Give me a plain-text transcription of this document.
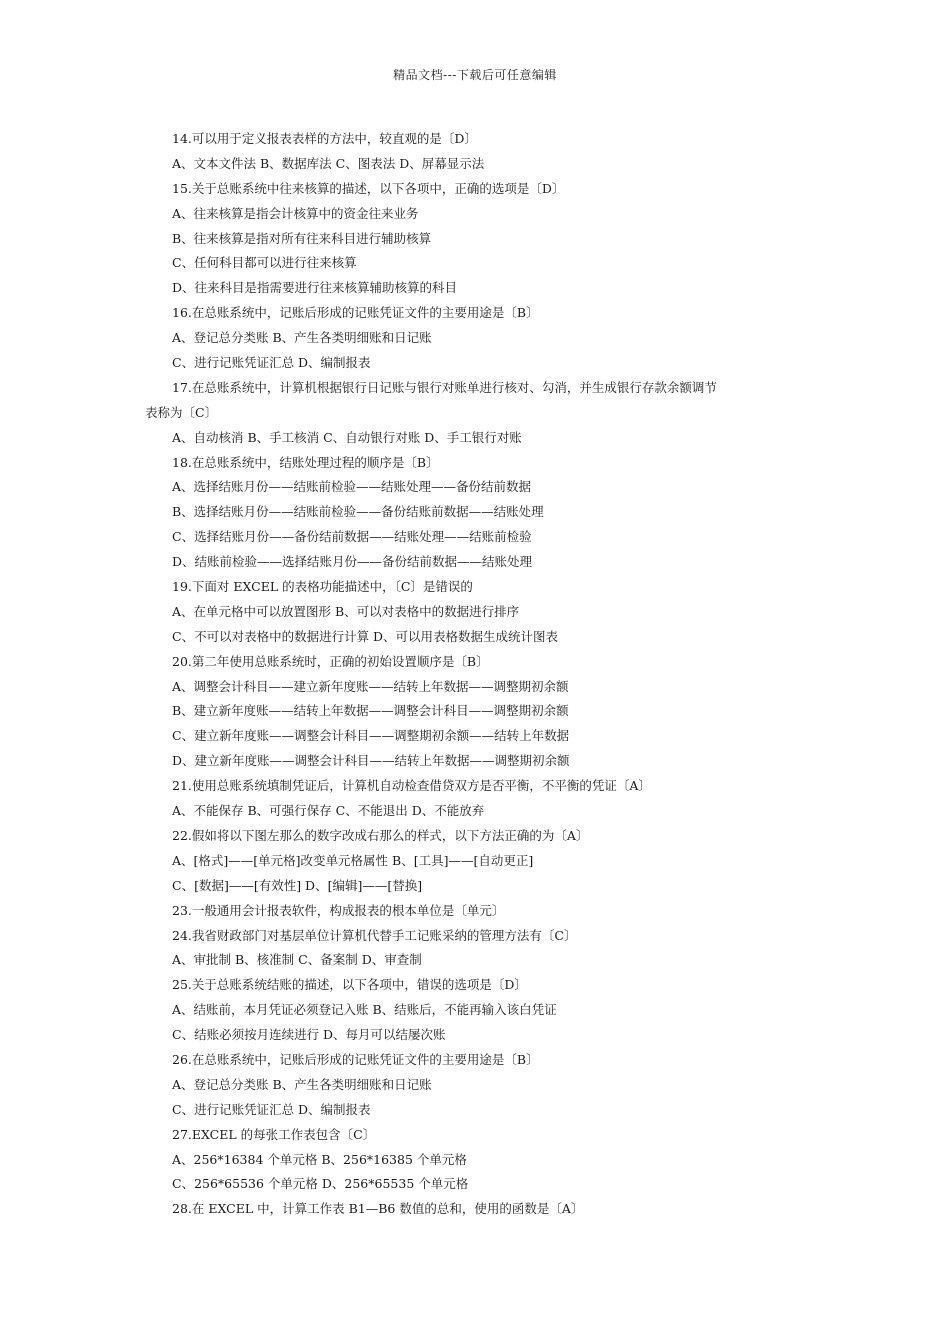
精品文档---下载后可任意编辑
14.可以用于定义报表表样的方法中，较直观的是〔D〕
A、文本文件法 B、数据库法 C、图表法 D、屏幕显示法
15.关于总账系统中往来核算的描述，以下各项中，正确的选项是〔D〕
A、往来核算是指会计核算中的资金往来业务
B、往来核算是指对所有往来科目进行辅助核算
C、任何科目都可以进行往来核算
D、往来科目是指需要进行往来核算辅助核算的科目
16.在总账系统中，记账后形成的记账凭证文件的主要用途是〔B〕
A、登记总分类账 B、产生各类明细账和日记账
C、进行记账凭证汇总 D、编制报表
17.在总账系统中，计算机根据银行日记账与银行对账单进行核对、勾消，并生成银行存款余额调节
表称为〔C〕
A、自动核消 B、手工核消 C、自动银行对账 D、手工银行对账
18.在总账系统中，结账处理过程的顺序是〔B〕
A、选择结账月份——结账前检验——结账处理——备份结前数据
B、选择结账月份——结账前检验——备份结账前数据——结账处理
C、选择结账月份——备份结前数据——结账处理——结账前检验
D、结账前检验——选择结账月份——备份结前数据——结账处理
19.下面对 EXCEL 的表格功能描述中，〔C〕是错误的
A、在单元格中可以放置图形 B、可以对表格中的数据进行排序
C、不可以对表格中的数据进行计算 D、可以用表格数据生成统计图表
20.第二年使用总账系统时，正确的初始设置顺序是〔B〕
A、调整会计科目——建立新年度账——结转上年数据——调整期初余额
B、建立新年度账——结转上年数据——调整会计科目——调整期初余额
C、建立新年度账——调整会计科目——调整期初余额——结转上年数据
D、建立新年度账——调整会计科目——结转上年数据——调整期初余额
21.使用总账系统填制凭证后，计算机自动检查借贷双方是否平衡，不平衡的凭证〔A〕
A、不能保存 B、可强行保存 C、不能退出 D、不能放弃
22.假如将以下图左那么的数字改成右那么的样式，以下方法正确的为〔A〕
A、[格式]——[单元格]改变单元格属性 B、[工具]——[自动更正]
C、[数据]——[有效性] D、[编辑]——[替换]
23.一般通用会计报表软件，构成报表的根本单位是〔单元〕
24.我省财政部门对基层单位计算机代替手工记账采纳的管理方法有〔C〕
A、审批制 B、核准制 C、备案制 D、审查制
25.关于总账系统结账的描述，以下各项中，错误的选项是〔D〕
A、结账前，本月凭证必须登记入账 B、结账后，不能再输入该白凭证
C、结账必须按月连续进行 D、每月可以结屡次账
26.在总账系统中，记账后形成的记账凭证文件的主要用途是〔B〕
A、登记总分类账 B、产生各类明细账和日记账
C、进行记账凭证汇总 D、编制报表
27.EXCEL 的每张工作表包含〔C〕
A、256*16384 个单元格 B、256*16385 个单元格
C、256*65536 个单元格 D、256*65535 个单元格
28.在 EXCEL 中，计算工作表 B1—B6 数值的总和，使用的函数是〔A〕
